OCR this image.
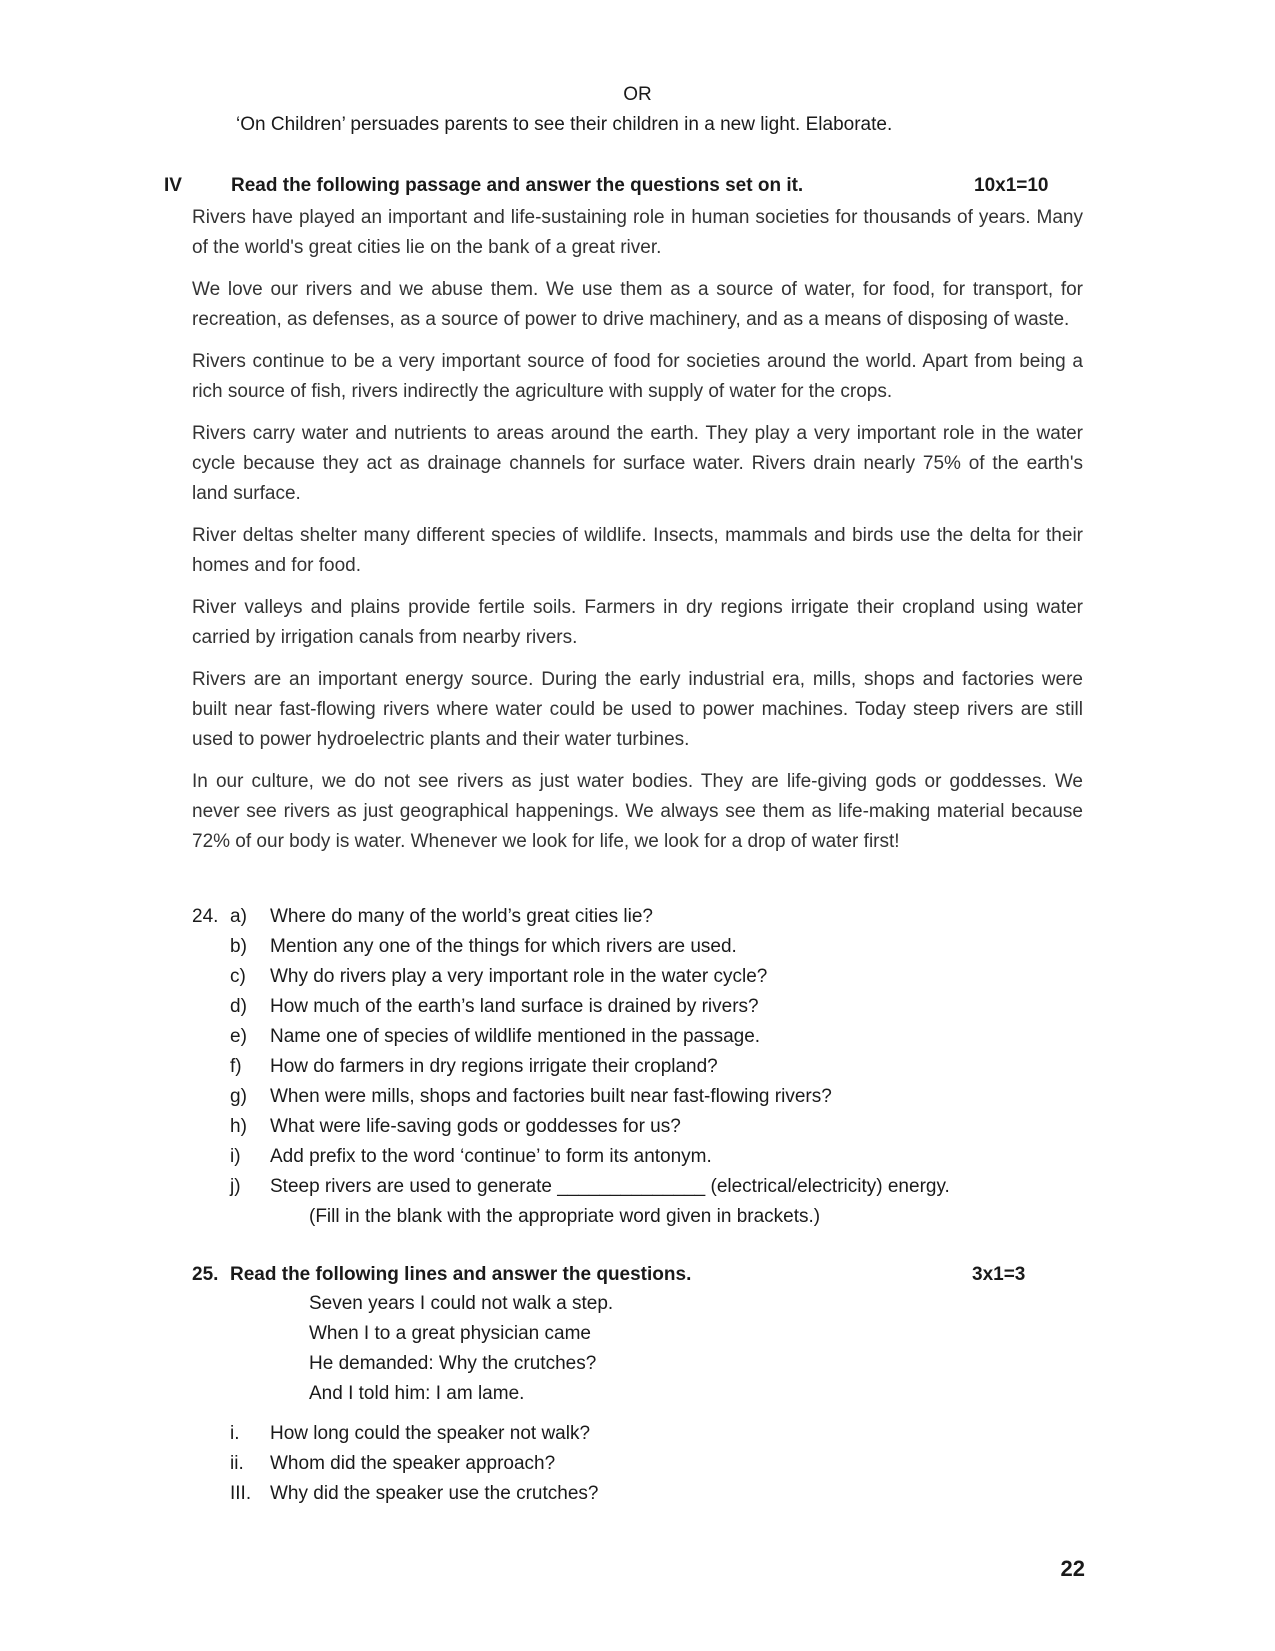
OR
‘On Children’ persuades parents to see their children in a new light. Elaborate.
IV	Read the following passage and answer the questions set on it.	10x1=10

Rivers have played an important and life-sustaining role in human societies for thousands of years. Many of the world's great cities lie on the bank of a great river.

We love our rivers and we abuse them. We use them as a source of water, for food, for transport, for recreation, as defenses, as a source of power to drive machinery, and as a means of disposing of waste.

Rivers continue to be a very important source of food for societies around the world. Apart from being a rich source of fish, rivers indirectly the agriculture with supply of water for the crops.

Rivers carry water and nutrients to areas around the earth. They play a very important role in the water cycle because they act as drainage channels for surface water. Rivers drain nearly 75% of the earth's land surface.

River deltas shelter many different species of wildlife. Insects, mammals and birds use the delta for their homes and for food.

River valleys and plains provide fertile soils. Farmers in dry regions irrigate their cropland using water carried by irrigation canals from nearby rivers.

Rivers are an important energy source. During the early industrial era, mills, shops and factories were built near fast-flowing rivers where water could be used to power machines. Today steep rivers are still used to power hydroelectric plants and their water turbines.

In our culture, we do not see rivers as just water bodies. They are life-giving gods or goddesses. We never see rivers as just geographical happenings. We always see them as life-making material because 72% of our body is water. Whenever we look for life, we look for a drop of water first!

24. a) Where do many of the world’s great cities lie?
b) Mention any one of the things for which rivers are used.
c) Why do rivers play a very important role in the water cycle?
d) How much of the earth’s land surface is drained by rivers?
e) Name one of species of wildlife mentioned in the passage.
f) How do farmers in dry regions irrigate their cropland?
g) When were mills, shops and factories built near fast-flowing rivers?
h) What were life-saving gods or goddesses for us?
i) Add prefix to the word ‘continue’ to form its antonym.
j) Steep rivers are used to generate ______________ (electrical/electricity) energy.
(Fill in the blank with the appropriate word given in brackets.)
25. Read the following lines and answer the questions.	3x1=3
Seven years I could not walk a step.
When I to a great physician came
He demanded: Why the crutches?
And I told him: I am lame.
i. How long could the speaker not walk?
ii. Whom did the speaker approach?
III. Why did the speaker use the crutches?
22
